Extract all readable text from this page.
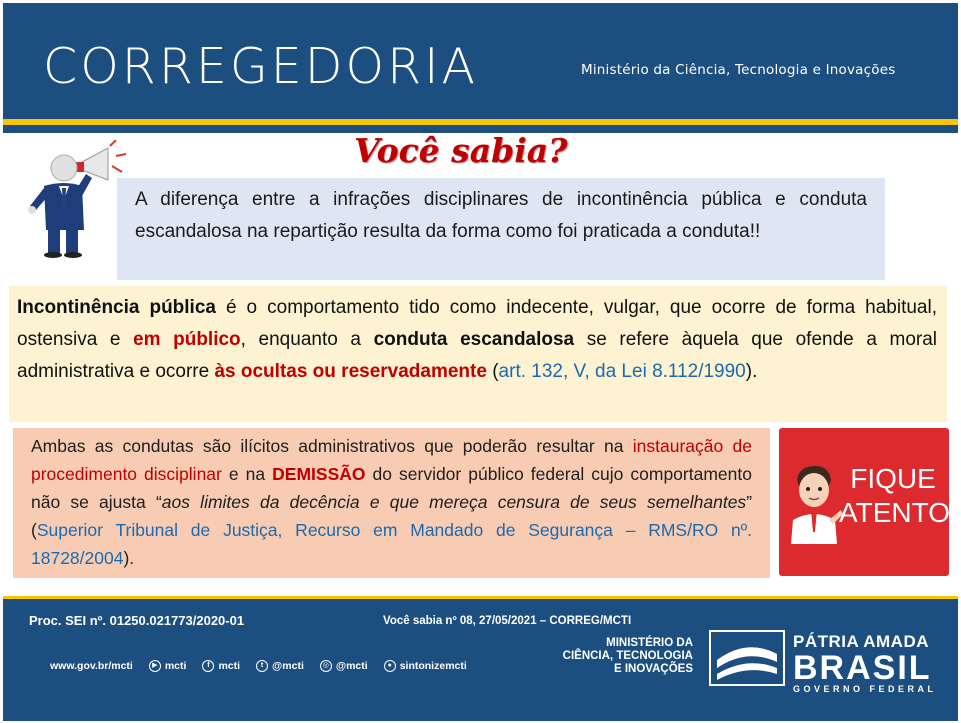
CORREGEDORIA	Ministério da Ciência, Tecnologia e Inovações
Você sabia?
A diferença entre a infrações disciplinares de incontinência pública e conduta escandalosa na repartição resulta da forma como foi praticada a conduta!!
Incontinência pública é o comportamento tido como indecente, vulgar, que ocorre de forma habitual, ostensiva e em público, enquanto a conduta escandalosa se refere àquela que ofende a moral administrativa e ocorre às ocultas ou reservadamente (art. 132, V, da Lei 8.112/1990).
Ambas as condutas são ilícitos administrativos que poderão resultar na instauração de procedimento disciplinar e na DEMISSÃO do servidor público federal cujo comportamento não se ajusta “aos limites da decência e que mereça censura de seus semelhantes” (Superior Tribunal de Justiça, Recurso em Mandado de Segurança – RMS/RO nº. 18728/2004).
FIQUE
ATENTO!
Proc. SEI nº. 01250.021773/2020-01	Você sabia nº 08, 27/05/2021 – CORREG/MCTI
www.gov.br/mcti	▶ mcti	f mcti	t @mcti	◎ @mcti	● sintonizemcti
MINISTÉRIO DA
CIÊNCIA, TECNOLOGIA
E INOVAÇÕES
PÁTRIA AMADA
BRASIL
GOVERNO FEDERAL
